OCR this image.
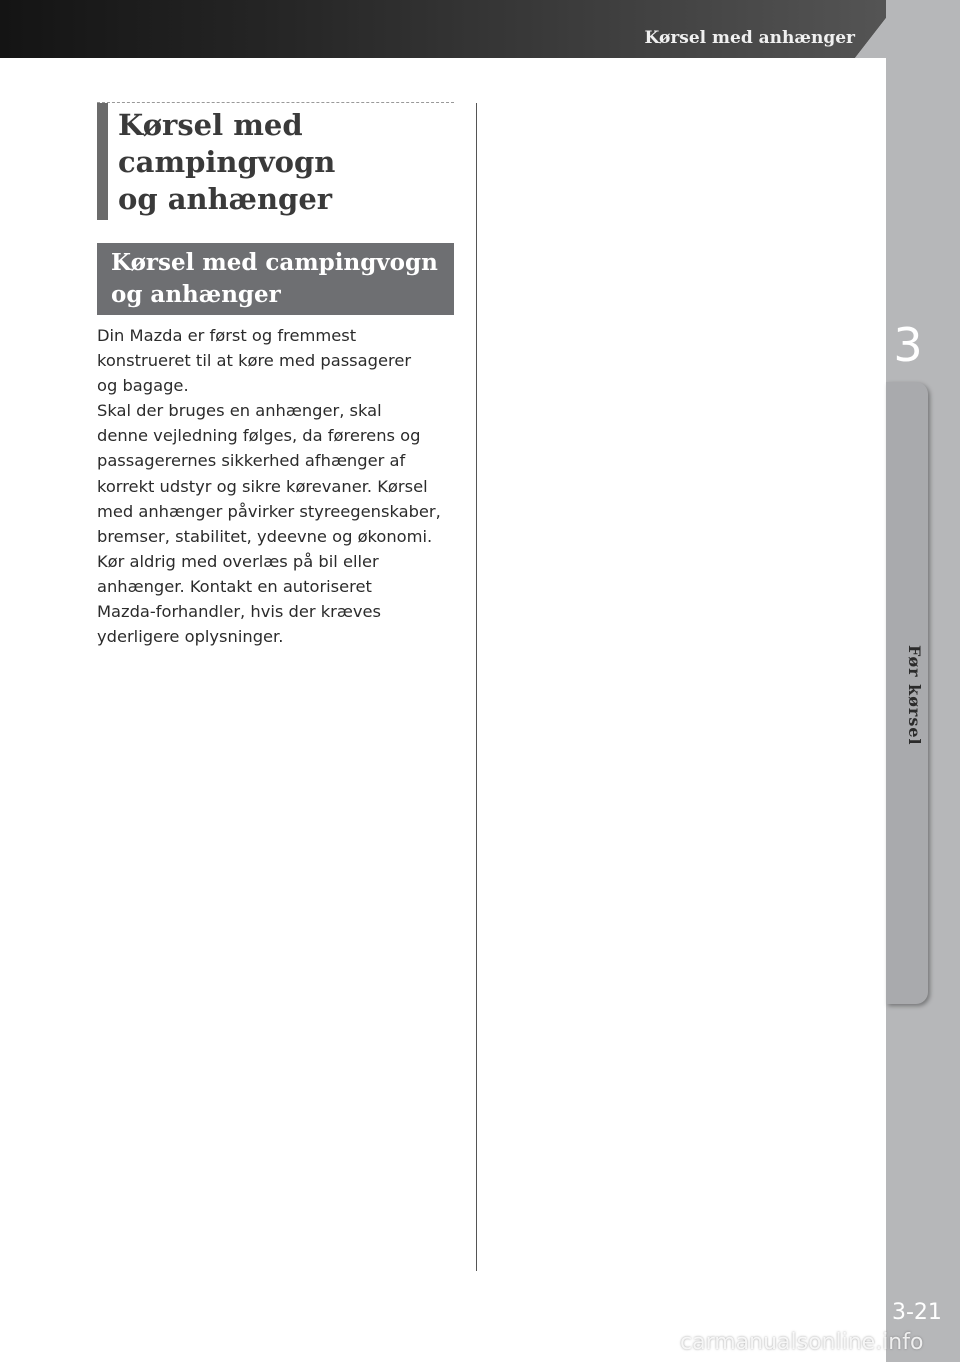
Kørsel med anhænger
3
Før kørsel
Kørsel med
campingvogn
og anhænger
Kørsel med campingvogn
og anhænger

Din Mazda er først og fremmest
konstrueret til at køre med passagerer
og bagage.
Skal der bruges en anhænger, skal
denne vejledning følges, da førerens og
passagerernes sikkerhed afhænger af
korrekt udstyr og sikre kørevaner. Kørsel
med anhænger påvirker styreegenskaber,
bremser, stabilitet, ydeevne og økonomi.
Kør aldrig med overlæs på bil eller
anhænger. Kontakt en autoriseret
Mazda-forhandler, hvis der kræves
yderligere oplysninger.

3-21
carmanualsonline.info
